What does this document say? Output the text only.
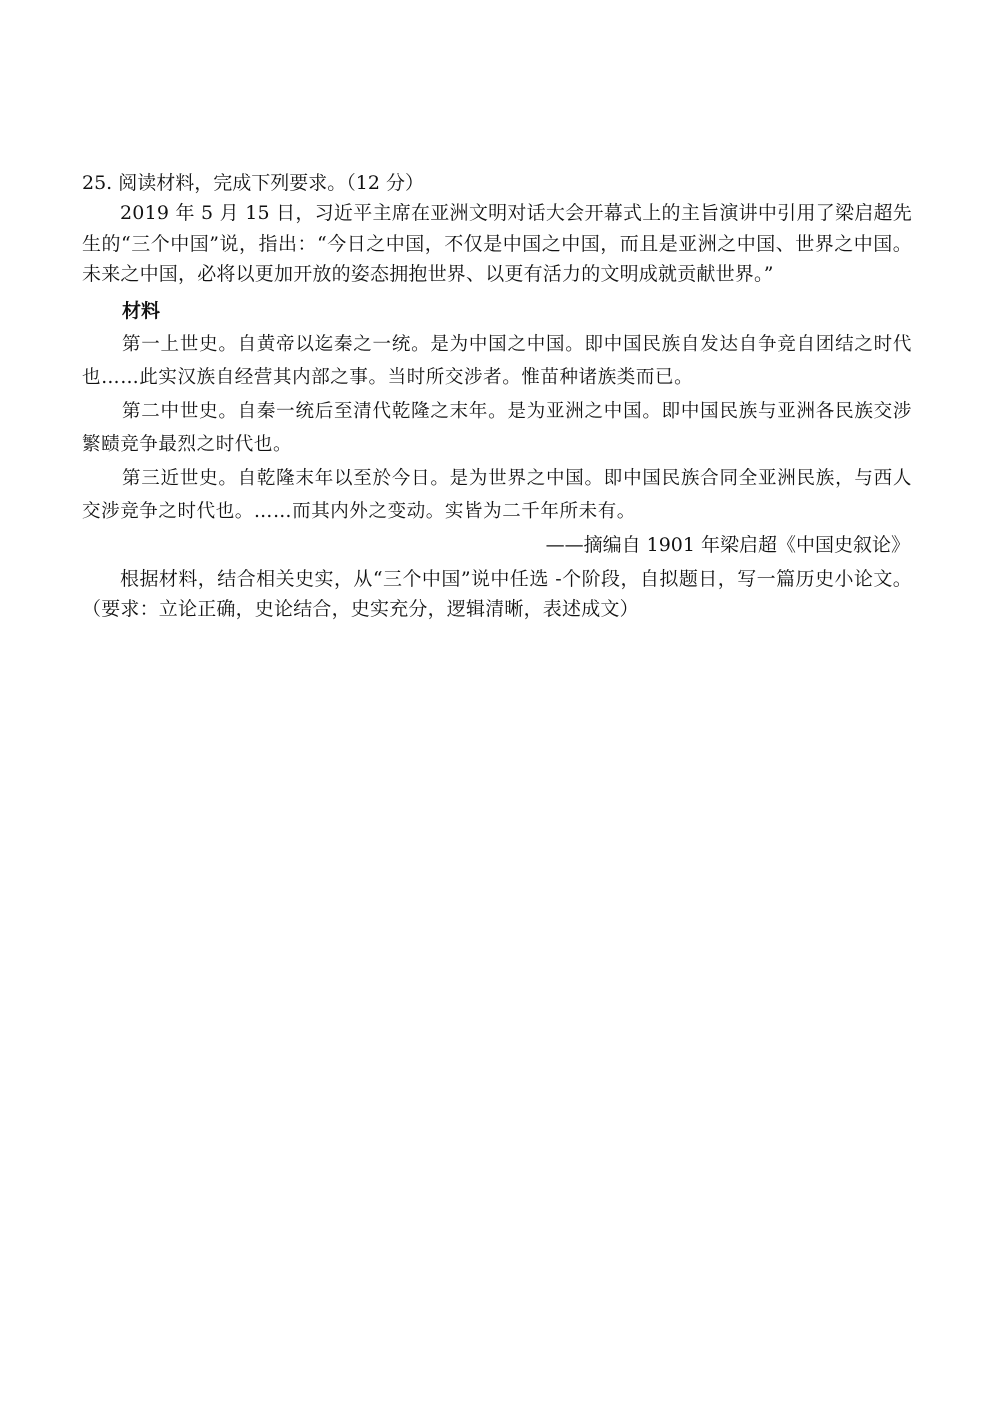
25. 阅读材料，完成下列要求。（12 分）

2019 年 5 月 15 日，习近平主席在亚洲文明对话大会开幕式上的主旨演讲中引用了梁启超先生的“三个中国”说，指出：“今日之中国，不仅是中国之中国，而且是亚洲之中国、世界之中国。未来之中国，必将以更加开放的姿态拥抱世界、以更有活力的文明成就贡献世界。”

材料

第一上世史。自黄帝以迄秦之一统。是为中国之中国。即中国民族自发达自争竞自团结之时代也……此实汉族自经营其内部之事。当时所交涉者。惟苗种诸族类而已。

第二中世史。自秦一统后至清代乾隆之末年。是为亚洲之中国。即中国民族与亚洲各民族交涉繁赜竞争最烈之时代也。

第三近世史。自乾隆末年以至於今日。是为世界之中国。即中国民族合同全亚洲民族，与西人交涉竞争之时代也。……而其内外之变动。实皆为二千年所未有。

——摘编自 1901 年梁启超《中国史叙论》

根据材料，结合相关史实，从“三个中国”说中任选 -个阶段，自拟题日，写一篇历史小论文。（要求：立论正确，史论结合，史实充分，逻辑清晰，表述成文）
